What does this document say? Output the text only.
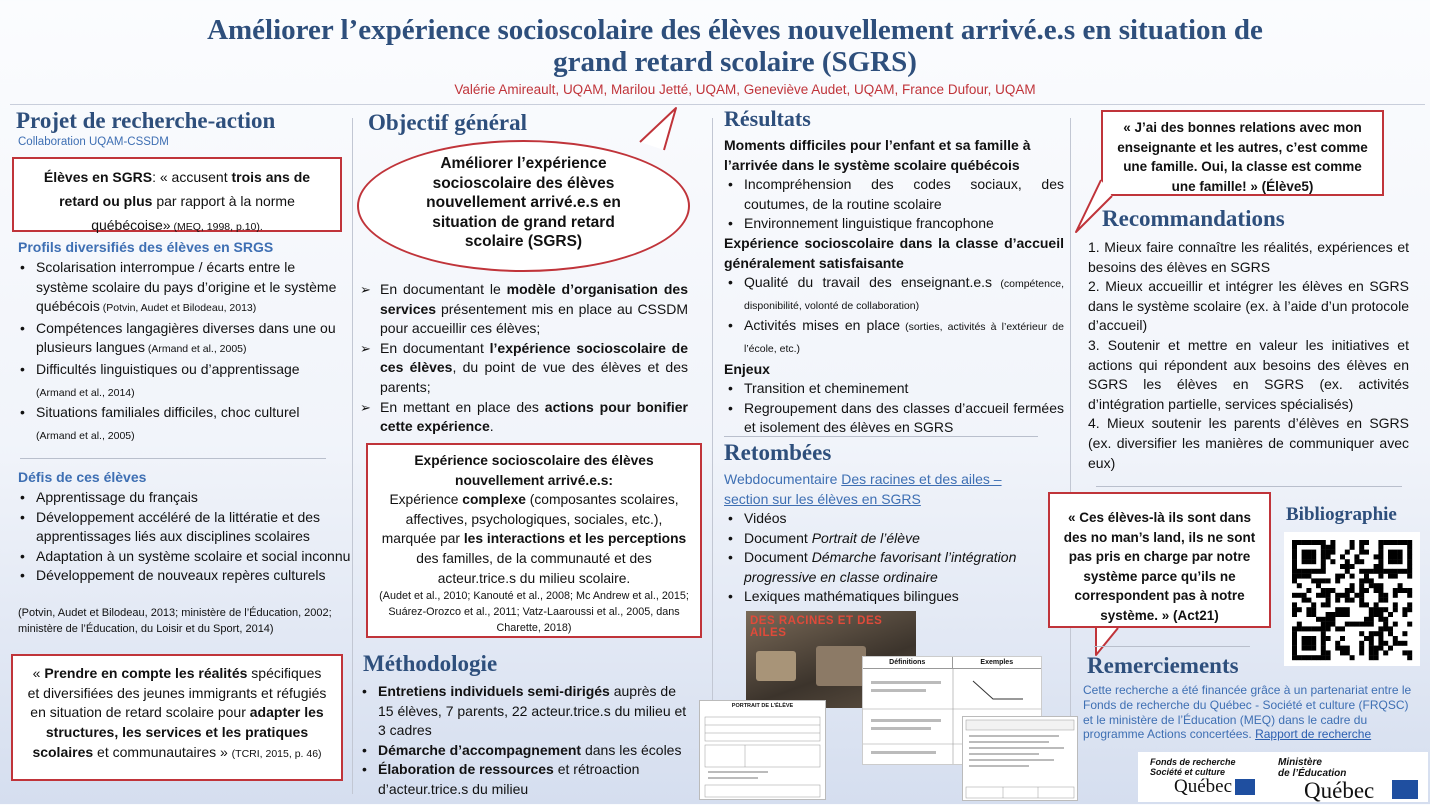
Améliorer l’expérience socioscolaire des élèves nouvellement arrivé.e.s en situation de
grand retard scolaire (SGRS)
Valérie Amireault, UQAM, Marilou Jetté, UQAM, Geneviève Audet, UQAM, France Dufour, UQAM
Projet de recherche-action
Collaboration UQAM-CSSDM
Élèves en SGRS: « accusent trois ans de retard ou plus par rapport à la norme québécoise» (MEQ, 1998, p.10).
Profils diversifiés des élèves en SRGS
• Scolarisation interrompue / écarts entre le système scolaire du pays d’origine et le système québécois (Potvin, Audet et Bilodeau, 2013)
• Compétences langagières diverses dans une ou plusieurs langues (Armand et al., 2005)
• Difficultés linguistiques ou d’apprentissage (Armand et al., 2014)
• Situations familiales difficiles, choc culturel (Armand et al., 2005)
Défis de ces élèves
• Apprentissage du français
• Développement accéléré de la littératie et des apprentissages liés aux disciplines scolaires
• Adaptation à un système scolaire et social inconnu
• Développement de nouveaux repères culturels
(Potvin, Audet et Bilodeau, 2013; ministère de l’Éducation, 2002; ministère de l’Éducation, du Loisir et du Sport, 2014)
« Prendre en compte les réalités spécifiques et diversifiées des jeunes immigrants et réfugiés en situation de retard scolaire pour adapter les structures, les services et les pratiques scolaires et communautaires » (TCRI, 2015, p. 46)
Objectif général
Améliorer l’expérience socioscolaire des élèves nouvellement arrivé.e.s en situation de grand retard scolaire (SGRS)
➢ En documentant le modèle d’organisation des services présentement mis en place au CSSDM pour accueillir ces élèves;
➢ En documentant l’expérience socioscolaire de ces élèves, du point de vue des élèves et des parents;
➢ En mettant en place des actions pour bonifier cette expérience.
Expérience socioscolaire des élèves nouvellement arrivé.e.s:
Expérience complexe (composantes scolaires, affectives, psychologiques, sociales, etc.), marquée par les interactions et les perceptions des familles, de la communauté et des acteur.trice.s du milieu scolaire.
(Audet et al., 2010; Kanouté et al., 2008; Mc Andrew et al., 2015; Suárez-Orozco et al., 2011; Vatz-Laaroussi et al., 2005, dans Charette, 2018)
Méthodologie
• Entretiens individuels semi-dirigés auprès de 15 élèves, 7 parents, 22 acteur.trice.s du milieu et 3 cadres
• Démarche d’accompagnement dans les écoles
• Élaboration de ressources et rétroaction d’acteur.trice.s du milieu
Résultats
Moments difficiles pour l’enfant et sa famille à l’arrivée dans le système scolaire québécois
• Incompréhension des codes sociaux, des coutumes, de la routine scolaire
• Environnement linguistique francophone
Expérience socioscolaire dans la classe d’accueil généralement satisfaisante
• Qualité du travail des enseignant.e.s (compétence, disponibilité, volonté de collaboration)
• Activités mises en place (sorties, activités à l’extérieur de l’école, etc.)
Enjeux
• Transition et cheminement
• Regroupement dans des classes d’accueil fermées et isolement des élèves en SGRS
Retombées
Webdocumentaire Des racines et des ailes – section sur les élèves en SGRS
• Vidéos
• Document Portrait de l’élève
• Document Démarche favorisant l’intégration progressive en classe ordinaire
• Lexiques mathématiques bilingues
DES RACINES ET DES AILES
Définitions	Exemples
PORTRAIT DE L’ÉLÈVE
« J’ai des bonnes relations avec mon enseignante et les autres, c’est comme une famille. Oui, la classe est comme une famille! » (Élève5)
Recommandations
1. Mieux faire connaître les réalités, expériences et besoins des élèves en SGRS
2. Mieux accueillir et intégrer les élèves en SGRS dans le système scolaire (ex. à l’aide d’un protocole d’accueil)
3. Soutenir et mettre en valeur les initiatives et actions qui répondent aux besoins des élèves en SGRS les élèves en SGRS (ex. activités d’intégration partielle, services spécialisés)
4. Mieux soutenir les parents d’élèves en SGRS (ex. diversifier les manières de communiquer avec eux)
« Ces élèves-là ils sont dans des no man’s land, ils ne sont pas pris en charge par notre système parce qu’ils ne correspondent pas à notre système. » (Act21)
Bibliographie
Remerciements
Cette recherche a été financée grâce à un partenariat entre le Fonds de recherche du Québec - Société et culture (FRQSC) et le ministère de l’Éducation (MEQ) dans le cadre du programme Actions concertées. Rapport de recherche
Fonds de recherche
Société et culture
Québec
Ministère
de l’Éducation
Québec
